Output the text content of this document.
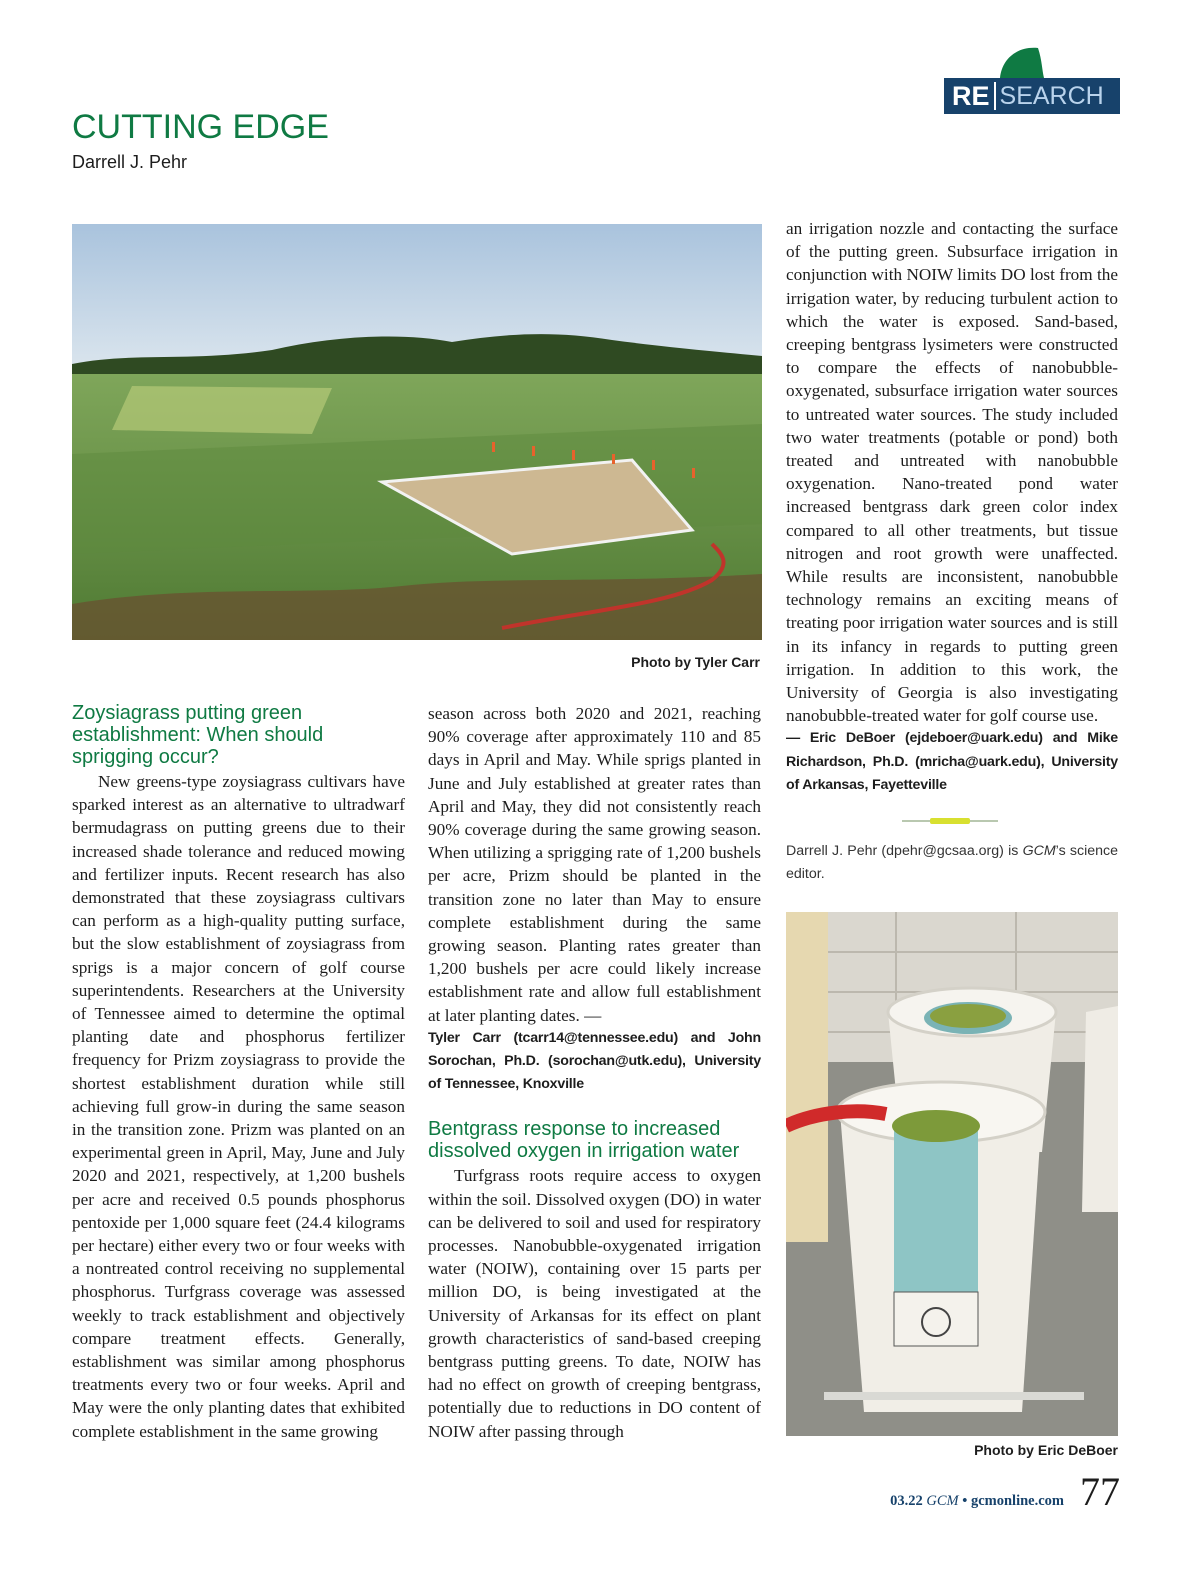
RE SEARCH
CUTTING EDGE
Darrell J. Pehr
Photo by Tyler Carr
Zoysiagrass putting green establishment: When should sprigging occur?

New greens-type zoysiagrass cultivars have sparked interest as an alternative to ultradwarf bermudagrass on putting greens due to their increased shade tolerance and reduced mowing and fertilizer inputs. Recent research has also demonstrated that these zoysiagrass cultivars can perform as a high-quality putting surface, but the slow establishment of zoysiagrass from sprigs is a major concern of golf course superintendents. Researchers at the University of Tennessee aimed to determine the optimal planting date and phosphorus fertilizer frequency for Prizm zoysiagrass to provide the shortest establishment duration while still achieving full grow-in during the same season in the transition zone. Prizm was planted on an experimental green in April, May, June and July 2020 and 2021, respectively, at 1,200 bushels per acre and received 0.5 pounds phosphorus pentoxide per 1,000 square feet (24.4 kilograms per hectare) either every two or four weeks with a nontreated control receiving no supplemental phosphorus. Turfgrass coverage was assessed weekly to track establishment and objectively compare treatment effects. Generally, establishment was similar among phosphorus treatments every two or four weeks. April and May were the only planting dates that exhibited complete establishment in the same growing

season across both 2020 and 2021, reaching 90% coverage after approximately 110 and 85 days in April and May. While sprigs planted in June and July established at greater rates than April and May, they did not consistently reach 90% coverage during the same growing season. When utilizing a sprigging rate of 1,200 bushels per acre, Prizm should be planted in the transition zone no later than May to ensure complete establishment during the same growing season. Planting rates greater than 1,200 bushels per acre could likely increase establishment rate and allow full establishment at later planting dates. —

Tyler Carr (tcarr14@tennessee.edu) and John Sorochan, Ph.D. (sorochan@utk.edu), University of Tennessee, Knoxville

Bentgrass response to increased dissolved oxygen in irrigation water

Turfgrass roots require access to oxygen within the soil. Dissolved oxygen (DO) in water can be delivered to soil and used for respiratory processes. Nanobubble-oxygenated irrigation water (NOIW), containing over 15 parts per million DO, is being investigated at the University of Arkansas for its effect on plant growth characteristics of sand-based creeping bentgrass putting greens. To date, NOIW has had no effect on growth of creeping bentgrass, potentially due to reductions in DO content of NOIW after passing through

an irrigation nozzle and contacting the surface of the putting green. Subsurface irrigation in conjunction with NOIW limits DO lost from the irrigation water, by reducing turbulent action to which the water is exposed. Sand-based, creeping bentgrass lysimeters were constructed to compare the effects of nanobubble-oxygenated, subsurface irrigation water sources to untreated water sources. The study included two water treatments (potable or pond) both treated and untreated with nanobubble oxygenation. Nano-treated pond water increased bentgrass dark green color index compared to all other treatments, but tissue nitrogen and root growth were unaffected. While results are inconsistent, nanobubble technology remains an exciting means of treating poor irrigation water sources and is still in its infancy in regards to putting green irrigation. In addition to this work, the University of Georgia is also investigating nanobubble-treated water for golf course use.

— Eric DeBoer (ejdeboer@uark.edu) and Mike Richardson, Ph.D. (mricha@uark.edu), University of Arkansas, Fayetteville

Darrell J. Pehr (dpehr@gcsaa.org) is GCM’s science editor.
Photo by Eric DeBoer
03.22 GCM • gcmonline.com 77
